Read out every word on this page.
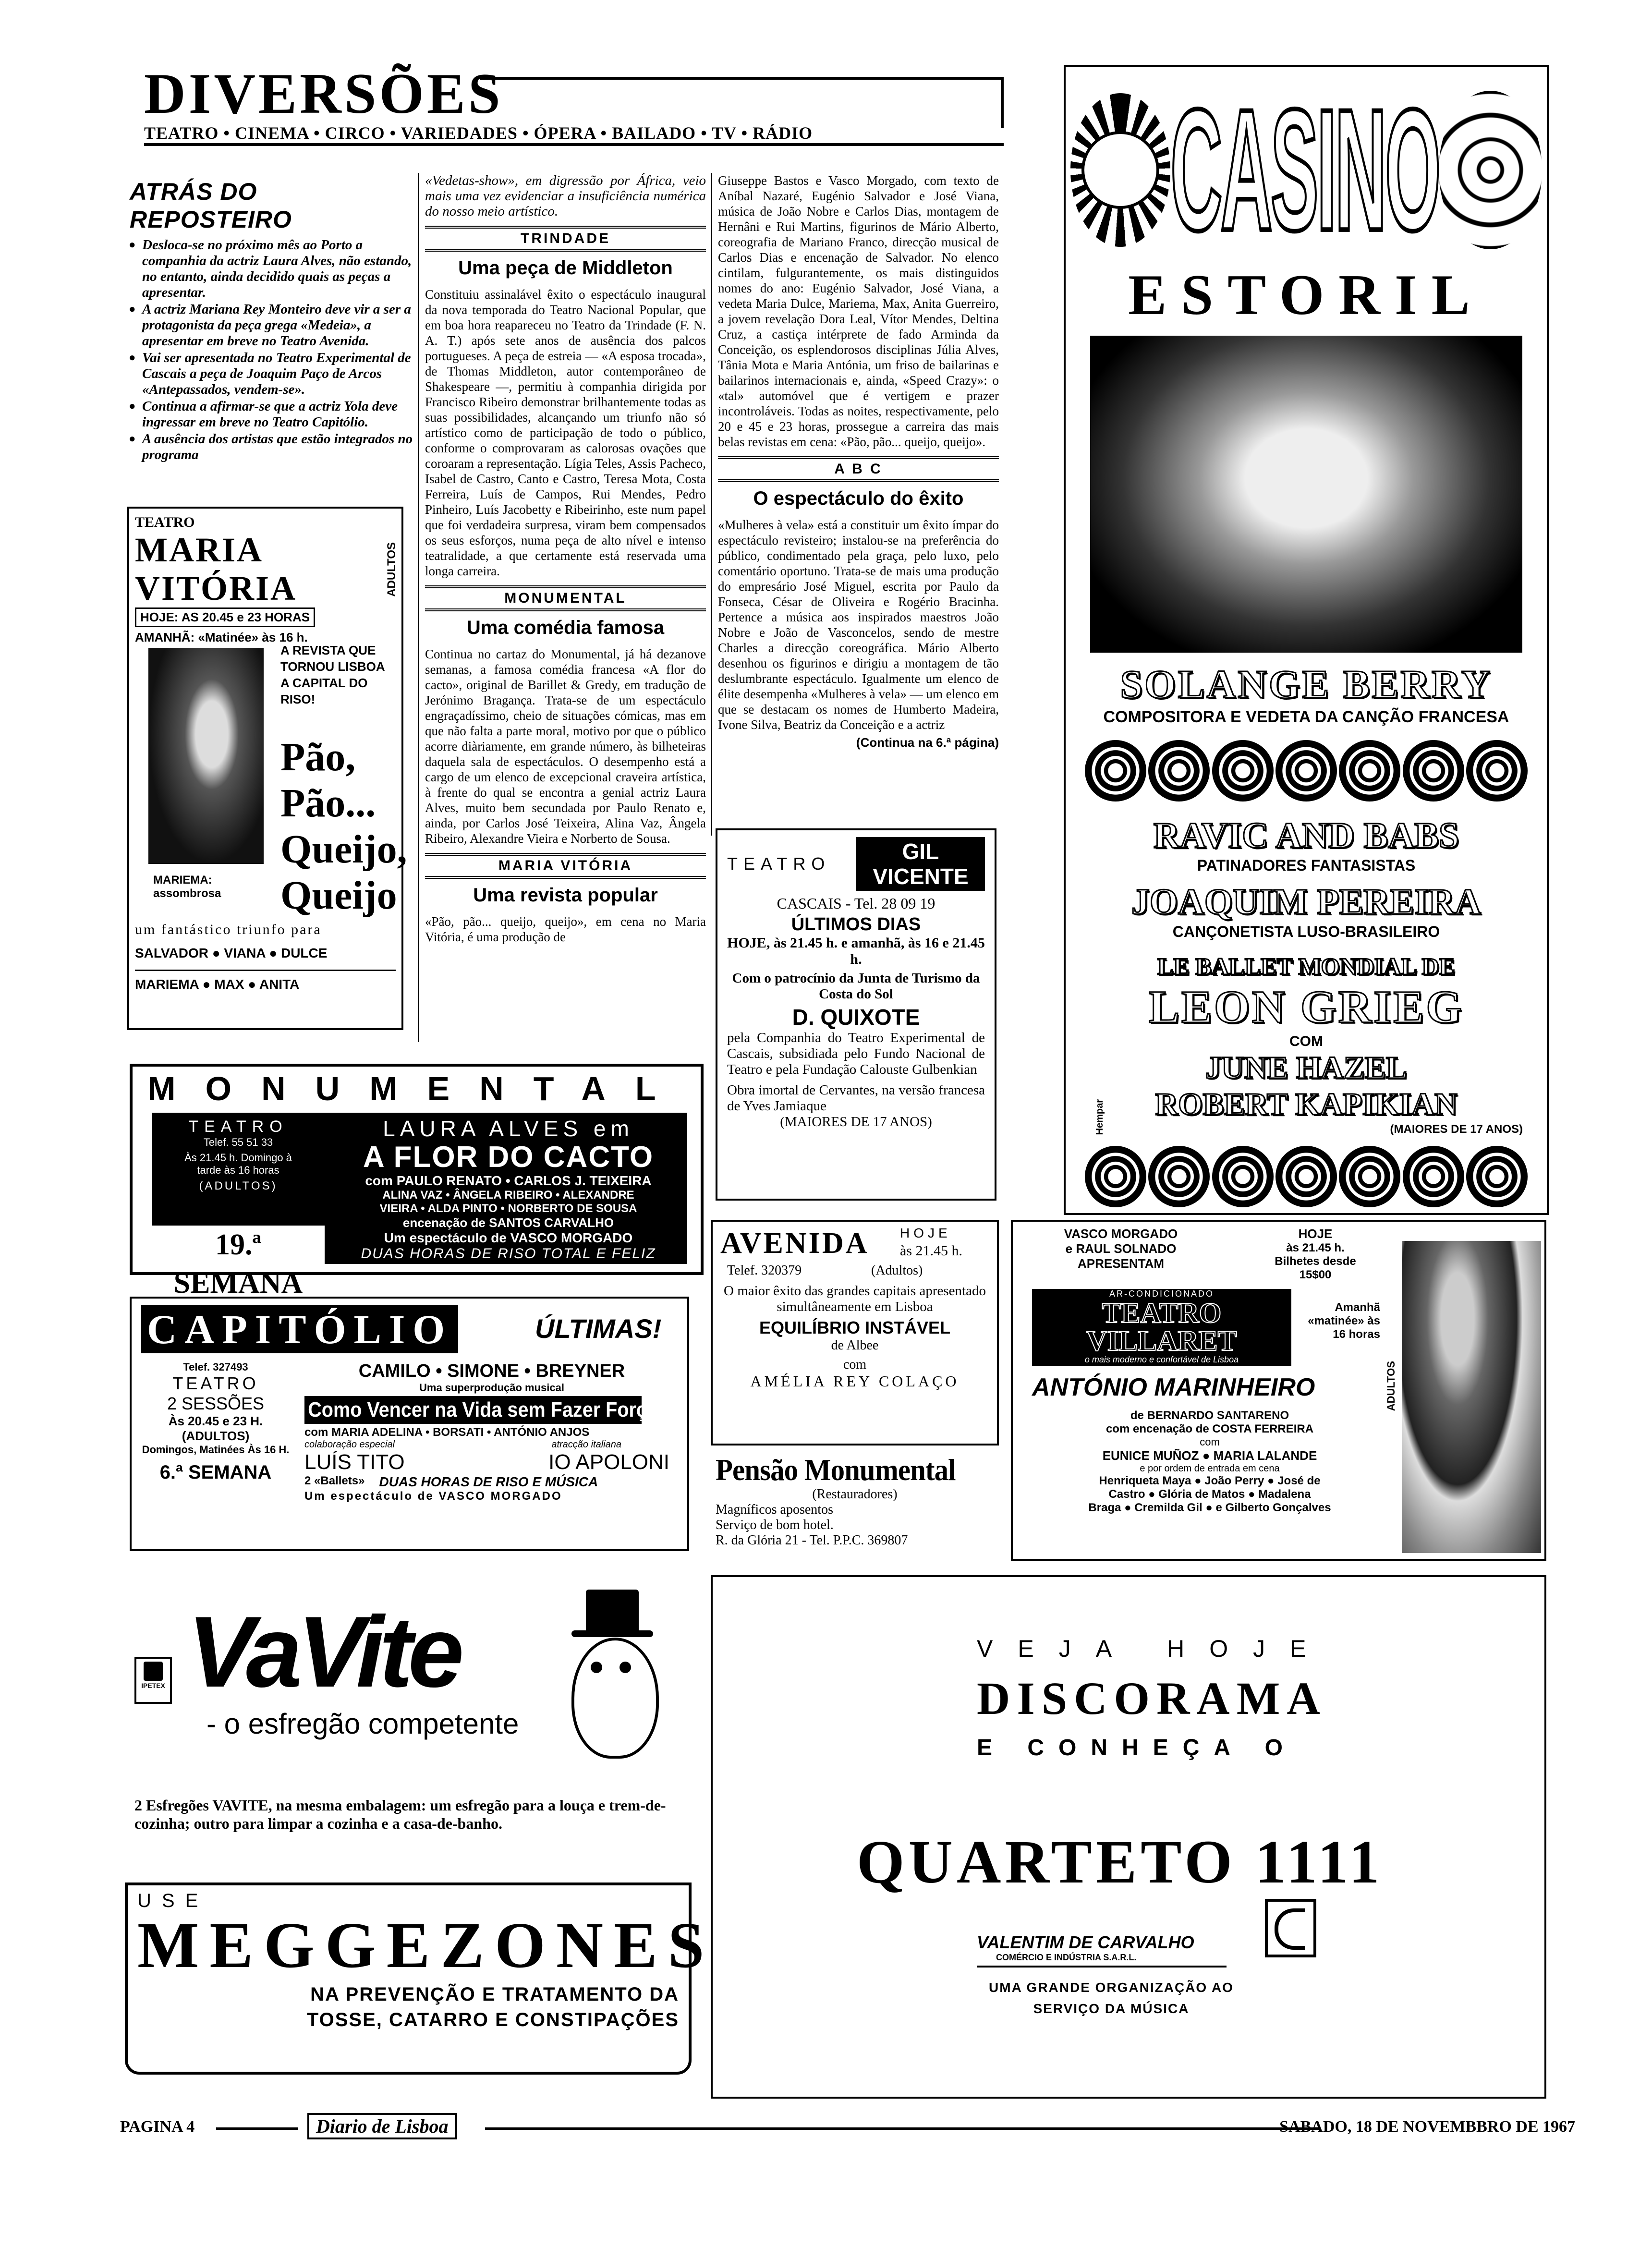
DIVERSÕES
TEATRO • CINEMA • CIRCO • VARIEDADES • ÓPERA • BAILADO • TV • RÁDIO
ATRÁS DO REPOSTEIRO
● Desloca-se no próximo mês ao Porto a companhia da actriz Laura Alves, não estando, no entanto, ainda decidido quais as peças a apresentar.
● A actriz Mariana Rey Monteiro deve vir a ser a protagonista da peça grega «Medeia», a apresentar em breve no Teatro Avenida.
● Vai ser apresentada no Teatro Experimental de Cascais a peça de Joaquim Paço de Arcos «Antepassados, vendem-se».
● Continua a afirmar-se que a actriz Yola deve ingressar em breve no Teatro Capitólio.
● A ausência dos artistas que estão integrados no programa
TEATRO
MARIA VITÓRIA
HOJE: AS 20.45 e 23 HORAS
ADULTOS
AMANHÃ: «Matinée» às 16 h.
A REVISTA QUE TORNOU LISBOA A CAPITAL DO RISO!
Pão,
Pão...
Queijo,
Queijo
MARIEMA: assombrosa
um fantástico triunfo para
SALVADOR ● VIANA ● DULCE
MARIEMA ● MAX ● ANITA

«Vedetas-show», em digressão por África, veio mais uma vez evidenciar a insuficiência numérica do nosso meio artístico.

TRINDADE
Uma peça de Middleton

Constituiu assinalável êxito o espectáculo inaugural da nova temporada do Teatro Nacional Popular, que em boa hora reapareceu no Teatro da Trindade (F. N. A. T.) após sete anos de ausência dos palcos portugueses. A peça de estreia — «A esposa trocada», de Thomas Middleton, autor contemporâneo de Shakespeare —, permitiu à companhia dirigida por Francisco Ribeiro demonstrar brilhantemente todas as suas possibilidades, alcançando um triunfo não só artístico como de participação de todo o público, conforme o comprovaram as calorosas ovações que coroaram a representação. Lígia Teles, Assis Pacheco, Isabel de Castro, Canto e Castro, Teresa Mota, Costa Ferreira, Luís de Campos, Rui Mendes, Pedro Pinheiro, Luís Jacobetty e Ribeirinho, este num papel que foi verdadeira surpresa, viram bem compensados os seus esforços, numa peça de alto nível e intenso teatralidade, a que certamente está reservada uma longa carreira.

MONUMENTAL
Uma comédia famosa

Continua no cartaz do Monumental, já há dezanove semanas, a famosa comédia francesa «A flor do cacto», original de Barillet & Gredy, em tradução de Jerónimo Bragança. Trata-se de um espectáculo engraçadíssimo, cheio de situações cómicas, mas em que não falta a parte moral, motivo por que o público acorre diàriamente, em grande número, às bilheteiras daquela sala de espectáculos. O desempenho está a cargo de um elenco de excepcional craveira artística, à frente do qual se encontra a genial actriz Laura Alves, muito bem secundada por Paulo Renato e, ainda, por Carlos José Teixeira, Alina Vaz, Ângela Ribeiro, Alexandre Vieira e Norberto de Sousa.

MARIA VITÓRIA
Uma revista popular

«Pão, pão... queijo, queijo», em cena no Maria Vitória, é uma produção de

Giuseppe Bastos e Vasco Morgado, com texto de Aníbal Nazaré, Eugénio Salvador e José Viana, música de João Nobre e Carlos Dias, montagem de Hernâni e Rui Martins, figurinos de Mário Alberto, coreografia de Mariano Franco, direcção musical de Carlos Dias e encenação de Salvador. No elenco cintilam, fulgurantemente, os mais distinguidos nomes do ano: Eugénio Salvador, José Viana, a vedeta Maria Dulce, Mariema, Max, Anita Guerreiro, a jovem revelação Dora Leal, Vítor Mendes, Deltina Cruz, a castiça intérprete de fado Arminda da Conceição, os esplendorosos disciplinas Júlia Alves, Tânia Mota e Maria Antónia, um friso de bailarinas e bailarinos internacionais e, ainda, «Speed Crazy»: o «tal» automóvel que é vertigem e prazer incontroláveis. Todas as noites, respectivamente, pelo 20 e 45 e 23 horas, prossegue a carreira das mais belas revistas em cena: «Pão, pão... queijo, queijo».

A B C
O espectáculo do êxito

«Mulheres à vela» está a constituir um êxito ímpar do espectáculo revisteiro; instalou-se na preferência do público, condimentado pela graça, pelo luxo, pelo comentário oportuno. Trata-se de mais uma produção do empresário José Miguel, escrita por Paulo da Fonseca, César de Oliveira e Rogério Bracinha. Pertence a música aos inspirados maestros João Nobre e João de Vasconcelos, sendo de mestre Charles a direcção coreográfica. Mário Alberto desenhou os figurinos e dirigiu a montagem de tão deslumbrante espectáculo. Igualmente um elenco de élite desempenha «Mulheres à vela» — um elenco em que se destacam os nomes de Humberto Madeira, Ivone Silva, Beatriz da Conceição e a actriz

(Continua na 6.ª página)
TEATRO	GIL VICENTE
CASCAIS - Tel. 28 09 19
ÚLTIMOS DIAS
HOJE, às 21.45 h. e amanhã, às 16 e 21.45 h.
Com o patrocínio da Junta de Turismo da Costa do Sol
D. QUIXOTE
pela Companhia do Teatro Experimental de Cascais, subsidiada pelo Fundo Nacional de Teatro e pela Fundação Calouste Gulbenkian
Obra imortal de Cervantes, na versão francesa de Yves Jamiaque
(MAIORES DE 17 ANOS)
CASINO
ESTORIL
SOLANGE BERRY
COMPOSITORA E VEDETA DA CANÇÃO FRANCESA
RAVIC AND BABS
PATINADORES FANTASISTAS
JOAQUIM PEREIRA
CANÇONETISTA LUSO-BRASILEIRO
LE BALLET MONDIAL DE
LEON GRIEG
COM
JUNE HAZEL
ROBERT KAPIKIAN
(MAIORES DE 17 ANOS)
Hempar
MONUMENTAL
TEATRO
Telef. 55 51 33
Às 21.45 h. Domingo à tarde às 16 horas
(ADULTOS)
19.ª SEMANA
LAURA ALVES em
A FLOR DO CACTO
com PAULO RENATO • CARLOS J. TEIXEIRA
ALINA VAZ • ÂNGELA RIBEIRO • ALEXANDRE
VIEIRA • ALDA PINTO • NORBERTO DE SOUSA
encenação de SANTOS CARVALHO
Um espectáculo de VASCO MORGADO
DUAS HORAS DE RISO TOTAL E FELIZ	AVENIDA HOJE
às 21.45 h.
Telef. 320379	(Adultos)
O maior êxito das grandes capitais apresentado simultâneamente em Lisboa
EQUILÍBRIO INSTÁVEL
de Albee
com
AMÉLIA REY COLAÇO
Pensão Monumental
(Restauradores)
Magníficos aposentos
Serviço de bom hotel.
R. da Glória 21 - Tel. P.P.C. 369807
VASCO MORGADO
e RAUL SOLNADO
APRESENTAM
HOJE
às 21.45 h.
Bilhetes desde 15$00
AR-CONDICIONADO
TEATRO VILLARET
o mais moderno e confortável de Lisboa
Amanhã «matinée» às 16 horas
ADULTOS
ANTÓNIO MARINHEIRO
de BERNARDO SANTARENO
com encenação de COSTA FERREIRA
com
EUNICE MUÑOZ ● MARIA LALANDE
e por ordem de entrada em cena
Henriqueta Maya ● João Perry ● José de
Castro ● Glória de Matos ● Madalena
Braga ● Cremilda Gil ● e Gilberto Gonçalves
CAPITÓLIO	ÚLTIMAS!
Telef. 327493
TEATRO
2 SESSÕES
Às 20.45 e 23 H.
(ADULTOS)
Domingos, Matinées Às 16 H.
6.ª SEMANA
CAMILO • SIMONE • BREYNER
Uma superprodução musical
Como Vencer na Vida sem Fazer Força
com MARIA ADELINA • BORSATI • ANTÓNIO ANJOS
colaboração especial	atracção italiana
LUÍS TITO	IO APOLONI
2 «Ballets» DUAS HORAS DE RISO E MÚSICA
Um espectáculo de VASCO MORGADO
IPETEX VaVite
- o esfregão competente
2 Esfregões VAVITE, na mesma embalagem: um esfregão para a louça e trem-de-cozinha; outro para limpar a cozinha e a casa-de-banho.
USE
MEGGEZONES
NA PREVENÇÃO E TRATAMENTO DA
TOSSE, CATARRO E CONSTIPAÇÕES
VEJA HOJE
DISCORAMA
E CONHEÇA O
QUARTETO 1111
VALENTIM DE CARVALHO
COMÉRCIO E INDÚSTRIA S.A.R.L.
UMA GRANDE ORGANIZAÇÃO AO SERVIÇO DA MÚSICA
PAGINA 4	Diario de Lisboa	SABADO, 18 DE NOVEMBBRO DE 1967
